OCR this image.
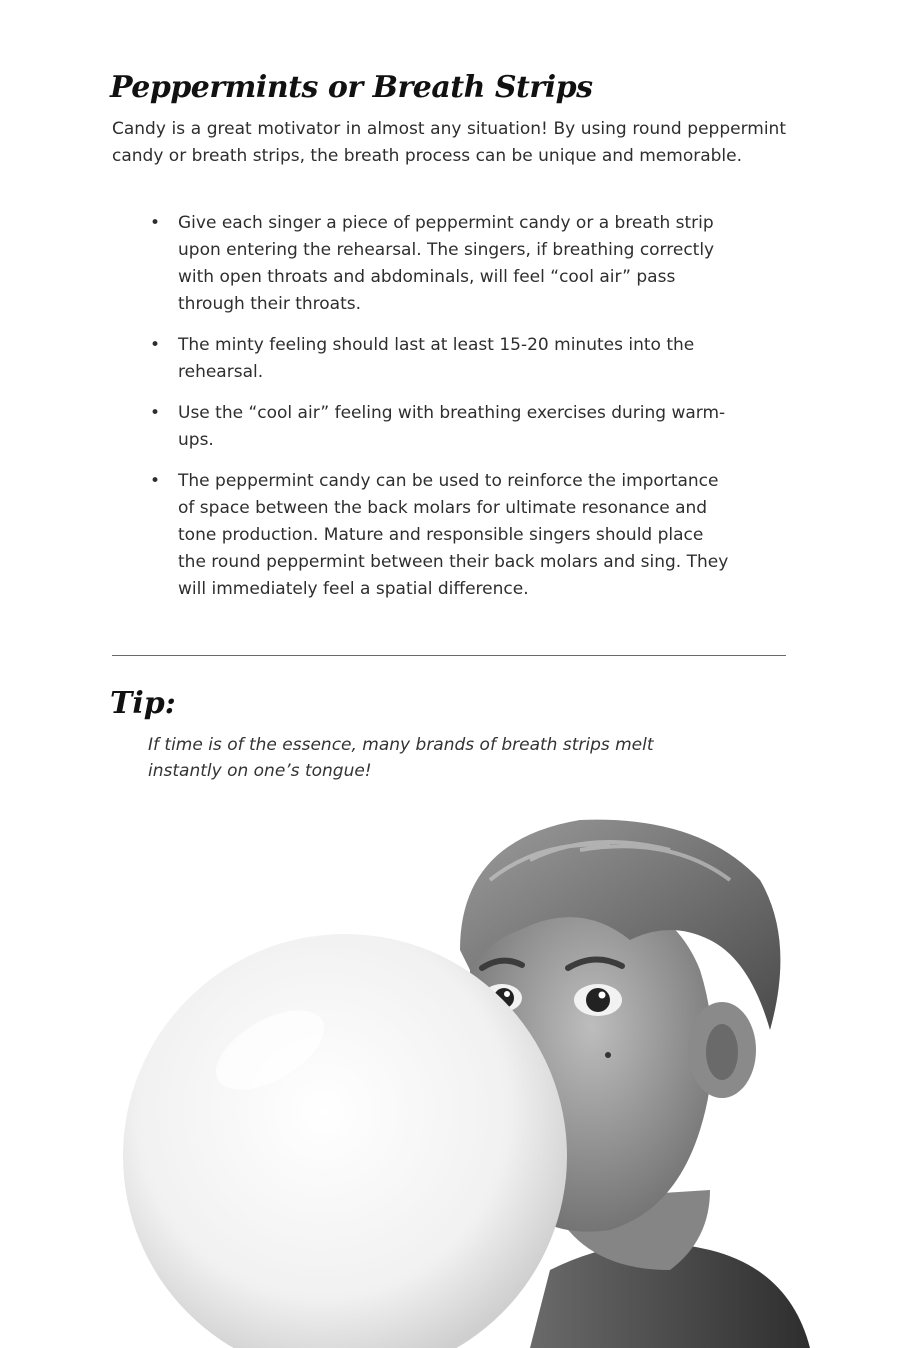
Peppermints or Breath Strips

Candy is a great motivator in almost any situation! By using round peppermint candy or breath strips, the breath process can be unique and memorable.

• Give each singer a piece of peppermint candy or a breath strip upon entering the rehearsal. The singers, if breathing correctly with open throats and abdominals, will feel “cool air” pass through their throats.
• The minty feeling should last at least 15-20 minutes into the rehearsal.
• Use the “cool air” feeling with breathing exercises during warm-ups.
• The peppermint candy can be used to reinforce the importance of space between the back molars for ultimate resonance and tone production. Mature and responsible singers should place the round peppermint between their back molars and sing. They will immediately feel a spatial difference.
Tip:

If time is of the essence, many brands of breath strips melt instantly on one’s tongue!
